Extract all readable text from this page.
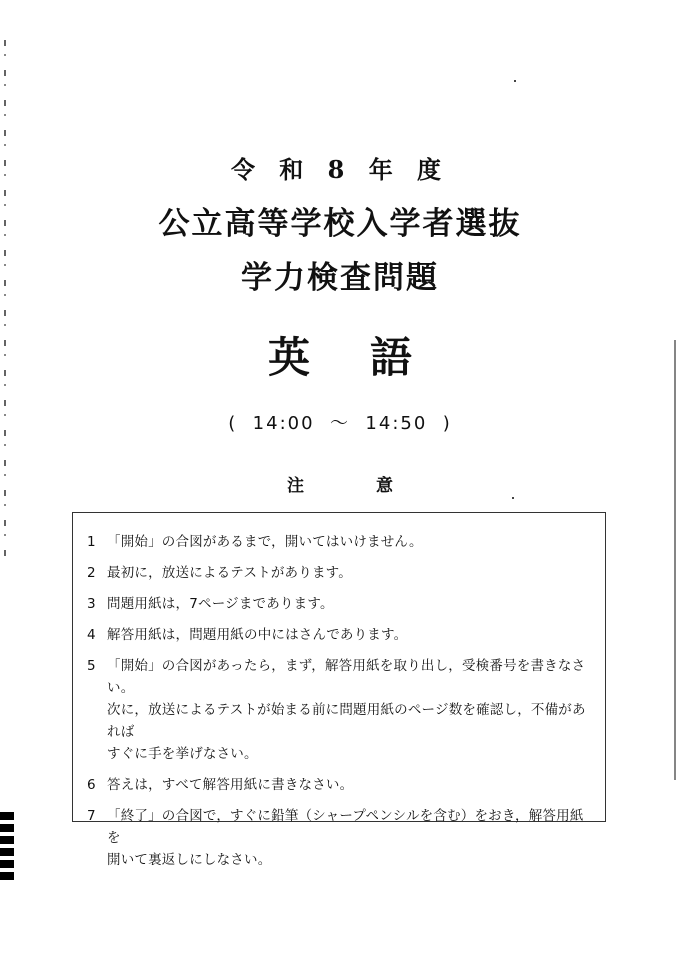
令 和 8 年 度
公立高等学校入学者選抜
学力検査問題
英 語
(  14:00  ～  14:50  )
注	意
1 「開始」の合図があるまで，開いてはいけません。
2 最初に，放送によるテストがあります。
3 問題用紙は，7ページまであります。
4 解答用紙は，問題用紙の中にはさんであります。
5 「開始」の合図があったら，まず，解答用紙を取り出し，受検番号を書きなさい。
次に，放送によるテストが始まる前に問題用紙のページ数を確認し，不備があれば
すぐに手を挙げなさい。
6 答えは，すべて解答用紙に書きなさい。
7 「終了」の合図で，すぐに鉛筆（シャープペンシルを含む）をおき，解答用紙を
開いて裏返しにしなさい。
